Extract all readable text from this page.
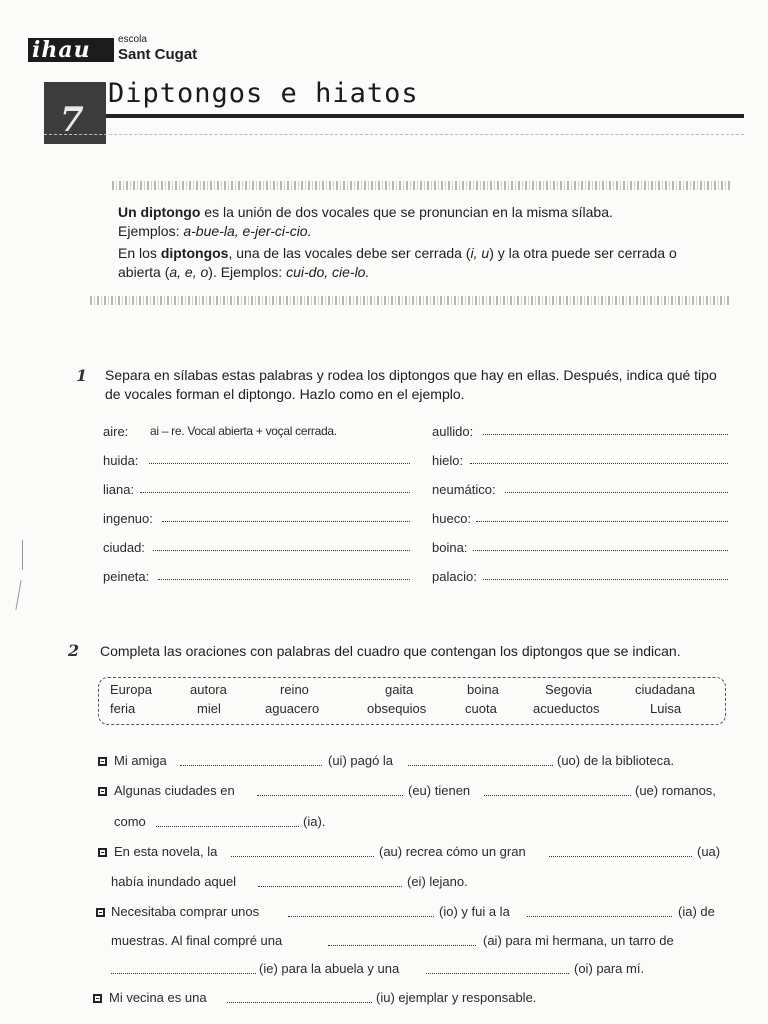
ihau	escola
Sant Cugat
7
Diptongos e hiatos

Un diptongo es la unión de dos vocales que se pronuncian en la misma sílaba.
Ejemplos: a-bue-la, e-jer-ci-cio.

En los diptongos, una de las vocales debe ser cerrada (i, u) y la otra puede ser cerrada o abierta (a, e, o). Ejemplos: cui-do, cie-lo.

1 Separa en sílabas estas palabras y rodea los diptongos que hay en ellas. Después, indica qué tipo de vocales forman el diptongo. Hazlo como en el ejemplo.
aire: ai – re. Vocal abierta + voçal cerrada.
huida:
liana:
ingenuo:
ciudad:
peineta:
aullido:
hielo:
neumático:
hueco:
boina:
palacio:
2 Completa las oraciones con palabras del cuadro que contengan los diptongos que se indican.
Europa	autora	reino	gaita	boina	Segovia	ciudadana
feria	miel	aguacero	obsequios	cuota	acueductos	Luisa
Mi amiga	(ui) pagó la	(uo) de la biblioteca.
Algunas ciudades en	(eu) tienen	(ue) romanos,
como	(ia).
En esta novela, la	(au) recrea cómo un gran	(ua)
había inundado aquel	(ei) lejano.
Necesitaba comprar unos	(io) y fui a la	(ia) de
muestras. Al final compré una	(ai) para mi hermana, un tarro de
(ie) para la abuela y una	(oi) para mí.
Mi vecina es una	(iu) ejemplar y responsable.
